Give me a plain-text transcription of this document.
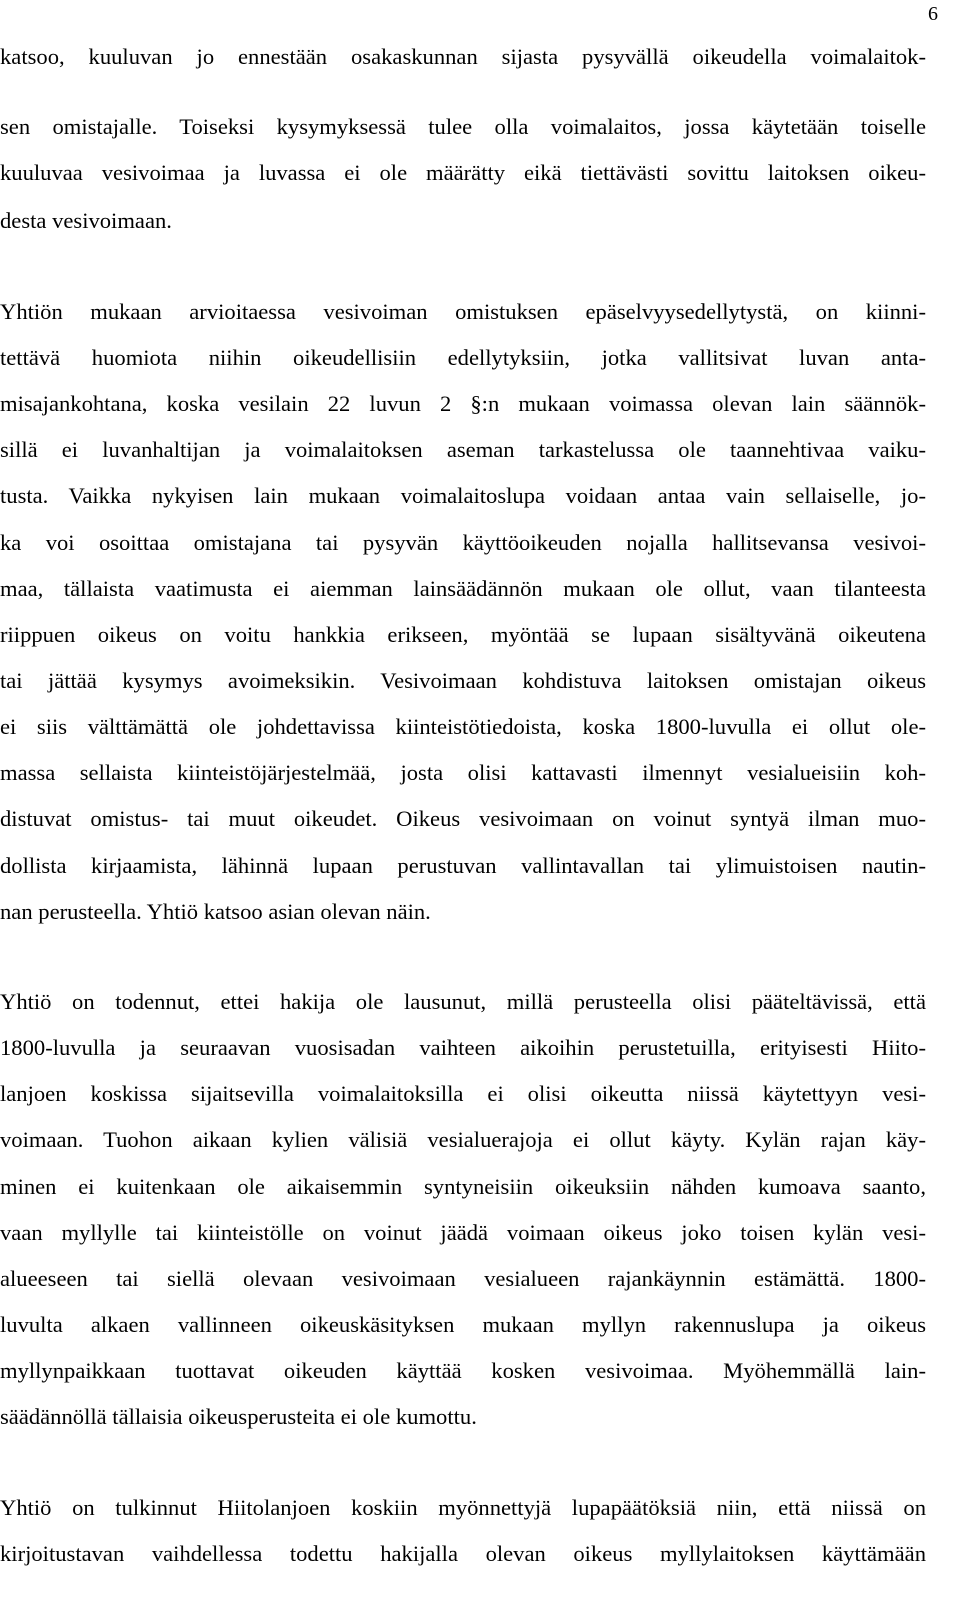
6

katsoo, kuuluvan jo ennestään osakaskunnan sijasta pysyvällä oikeudella voimalaitok-

sen omistajalle. Toiseksi kysymyksessä tulee olla voimalaitos, jossa käytetään toiselle

kuuluvaa vesivoimaa ja luvassa ei ole määrätty eikä tiettävästi sovittu laitoksen oikeu-

desta vesivoimaan.

Yhtiön mukaan arvioitaessa vesivoiman omistuksen epäselvyysedellytystä, on kiinni-

tettävä huomiota niihin oikeudellisiin edellytyksiin, jotka vallitsivat luvan anta-

misajankohtana, koska vesilain 22 luvun 2 §:n mukaan voimassa olevan lain säännök-

sillä ei luvanhaltijan ja voimalaitoksen aseman tarkastelussa ole taannehtivaa vaiku-

tusta. Vaikka nykyisen lain mukaan voimalaitoslupa voidaan antaa vain sellaiselle, jo-

ka voi osoittaa omistajana tai pysyvän käyttöoikeuden nojalla hallitsevansa vesivoi-

maa, tällaista vaatimusta ei aiemman lainsäädännön mukaan ole ollut, vaan tilanteesta

riippuen oikeus on voitu hankkia erikseen, myöntää se lupaan sisältyvänä oikeutena

tai jättää kysymys avoimeksikin. Vesivoimaan kohdistuva laitoksen omistajan oikeus

ei siis välttämättä ole johdettavissa kiinteistötiedoista, koska 1800-luvulla ei ollut ole-

massa sellaista kiinteistöjärjestelmää, josta olisi kattavasti ilmennyt vesialueisiin koh-

distuvat omistus- tai muut oikeudet. Oikeus vesivoimaan on voinut syntyä ilman muo-

dollista kirjaamista, lähinnä lupaan perustuvan vallintavallan tai ylimuistoisen nautin-

nan perusteella. Yhtiö katsoo asian olevan näin.

Yhtiö on todennut, ettei hakija ole lausunut, millä perusteella olisi pääteltävissä, että

1800-luvulla ja seuraavan vuosisadan vaihteen aikoihin perustetuilla, erityisesti Hiito-

lanjoen koskissa sijaitsevilla voimalaitoksilla ei olisi oikeutta niissä käytettyyn vesi-

voimaan. Tuohon aikaan kylien välisiä vesialuerajoja ei ollut käyty. Kylän rajan käy-

minen ei kuitenkaan ole aikaisemmin syntyneisiin oikeuksiin nähden kumoava saanto,

vaan myllylle tai kiinteistölle on voinut jäädä voimaan oikeus joko toisen kylän vesi-

alueeseen tai siellä olevaan vesivoimaan vesialueen rajankäynnin estämättä. 1800-

luvulta alkaen vallinneen oikeuskäsityksen mukaan myllyn rakennuslupa ja oikeus

myllynpaikkaan tuottavat oikeuden käyttää kosken vesivoimaa. Myöhemmällä lain-

säädännöllä tällaisia oikeusperusteita ei ole kumottu.

Yhtiö on tulkinnut Hiitolanjoen koskiin myönnettyjä lupapäätöksiä niin, että niissä on

kirjoitustavan vaihdellessa todettu hakijalla olevan oikeus myllylaitoksen käyttämään
